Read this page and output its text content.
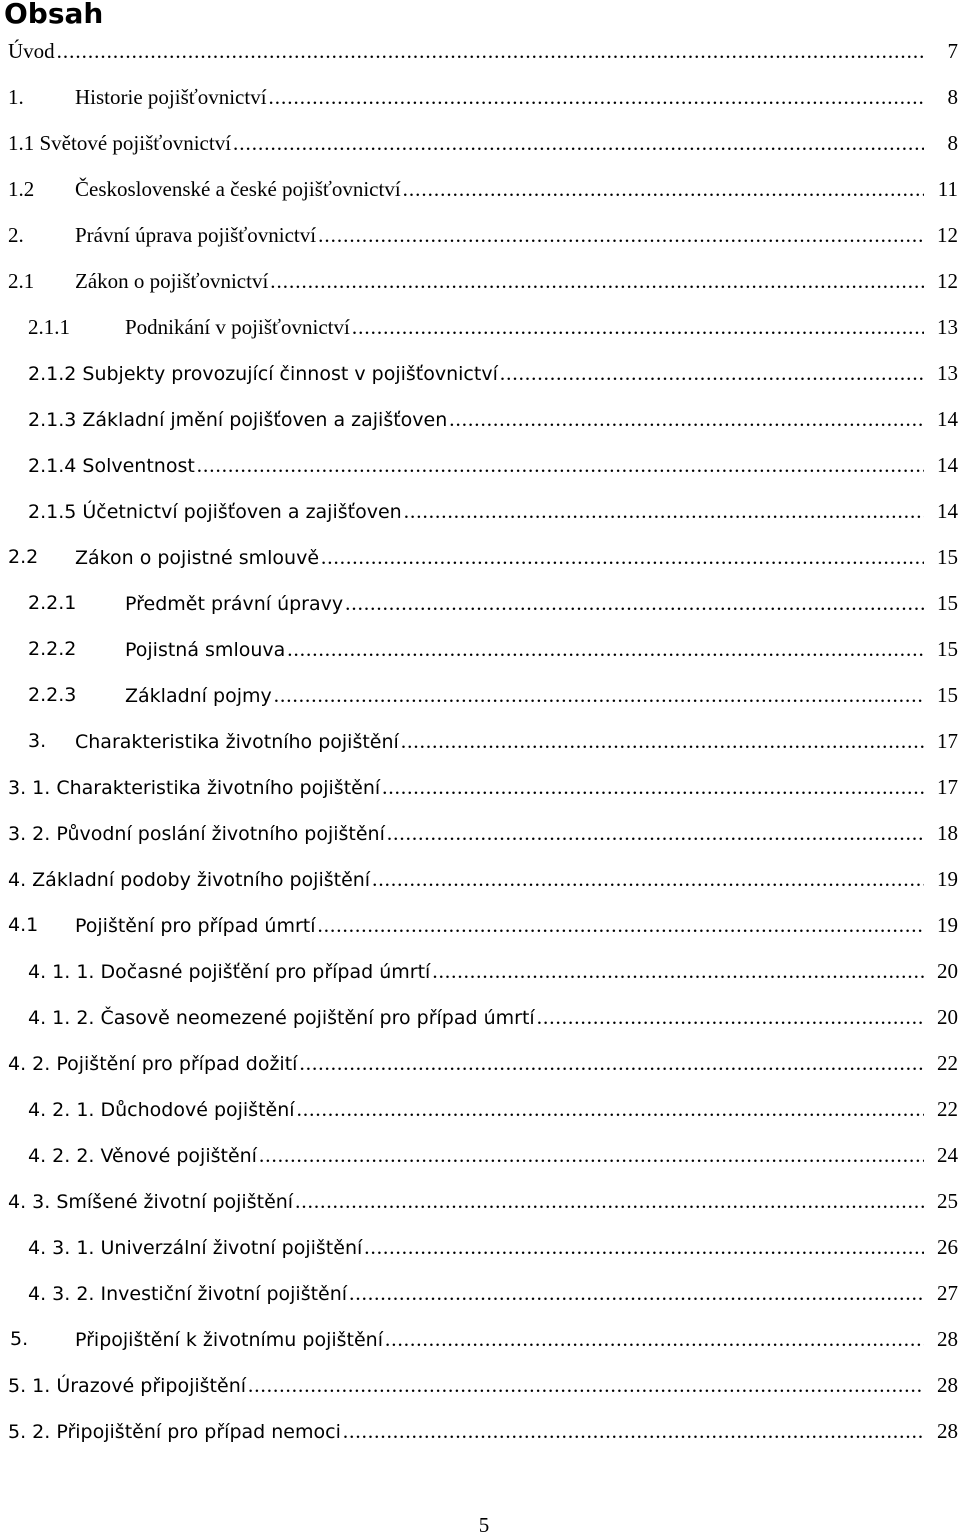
Obsah
Úvod .....	7
1. Historie pojišťovnictví .....	8
1.1 Světové pojišťovnictví .....	8
1.2 Československé a české pojišťovnictví .....	11
2. Právní úprava pojišťovnictví .....	12
2.1 Zákon o pojišťovnictví .....	12
2.1.1	Podnikání v pojišťovnictví .....	13
2.1.2 Subjekty provozující činnost v pojišťovnictví .....	13
2.1.3 Základní jmění pojišťoven a zajišťoven .....	14
2.1.4 Solventnost .....	14
2.1.5 Účetnictví pojišťoven a zajišťoven .....	14
2.2 Zákon o pojistné smlouvě .....	15
2.2.1	Předmět právní úpravy .....	15
2.2.2	Pojistná smlouva .....	15
2.2.3	Základní pojmy .....	15
3. Charakteristika životního pojištění .....	17
3. 1. Charakteristika životního pojištění .....	17
3. 2. Původní poslání životního pojištění .....	18
4. Základní podoby životního pojištění .....	19
4.1 Pojištění pro případ úmrtí .....	19
4. 1. 1. Dočasné pojišťění pro případ úmrtí .....	20
4. 1. 2. Časově neomezené pojištění pro případ úmrtí .....	20
4. 2. Pojištění pro případ dožití .....	22
4. 2. 1. Důchodové pojištění .....	22
4. 2. 2. Věnové pojištění .....	24
4. 3. Smíšené životní pojištění .....	25
4. 3. 1. Univerzální životní pojištění .....	26
4. 3. 2. Investiční životní pojištění .....	27
5. Připojištění k životnímu pojištění .....	28
5. 1. Úrazové připojištění .....	28
5. 2. Připojištění pro případ nemoci .....	28
5
